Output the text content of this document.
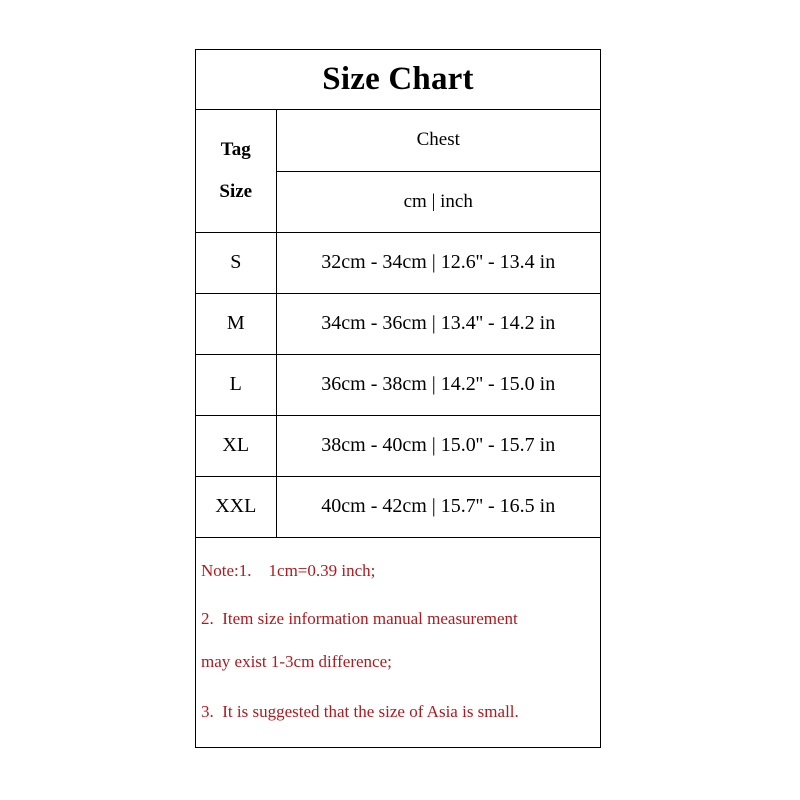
Size Chart
Tag
Size	Chest
	cm | inch
S	32cm - 34cm | 12.6'' - 13.4 in
M	34cm - 36cm | 13.4'' - 14.2 in
L	36cm - 38cm | 14.2'' - 15.0 in
XL	38cm - 40cm | 15.0'' - 15.7 in
XXL	40cm - 42cm | 15.7'' - 16.5 in
Note:1.    1cm=0.39 inch;
2.  Item size information manual measurement
may exist 1-3cm difference;
3.  It is suggested that the size of Asia is small.
